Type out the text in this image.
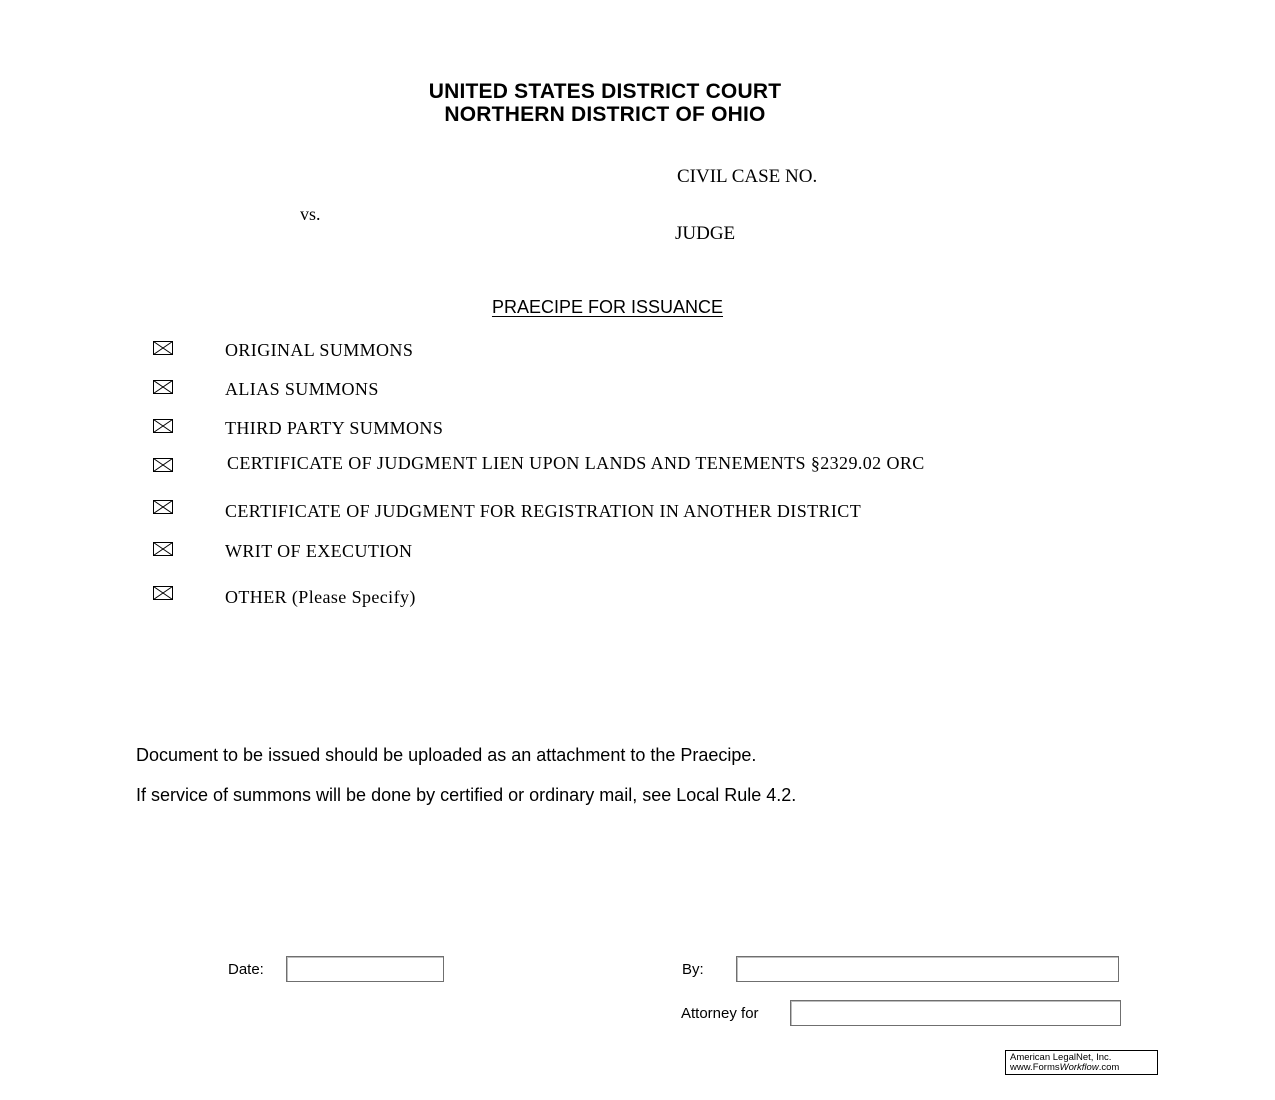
UNITED STATES DISTRICT COURT
NORTHERN DISTRICT OF OHIO
CIVIL CASE NO.
vs.
JUDGE
PRAECIPE FOR ISSUANCE
ORIGINAL SUMMONS
ALIAS SUMMONS
THIRD PARTY SUMMONS
CERTIFICATE OF JUDGMENT LIEN UPON LANDS AND TENEMENTS §2329.02 ORC
CERTIFICATE OF JUDGMENT FOR REGISTRATION IN ANOTHER DISTRICT
WRIT OF EXECUTION
OTHER (Please Specify)
Document to be issued should be uploaded as an attachment to the Praecipe.
If service of summons will be done by certified or ordinary mail, see Local Rule 4.2.
Date:	By:
Attorney for
American LegalNet, Inc.
www.FormsWorkflow.com
